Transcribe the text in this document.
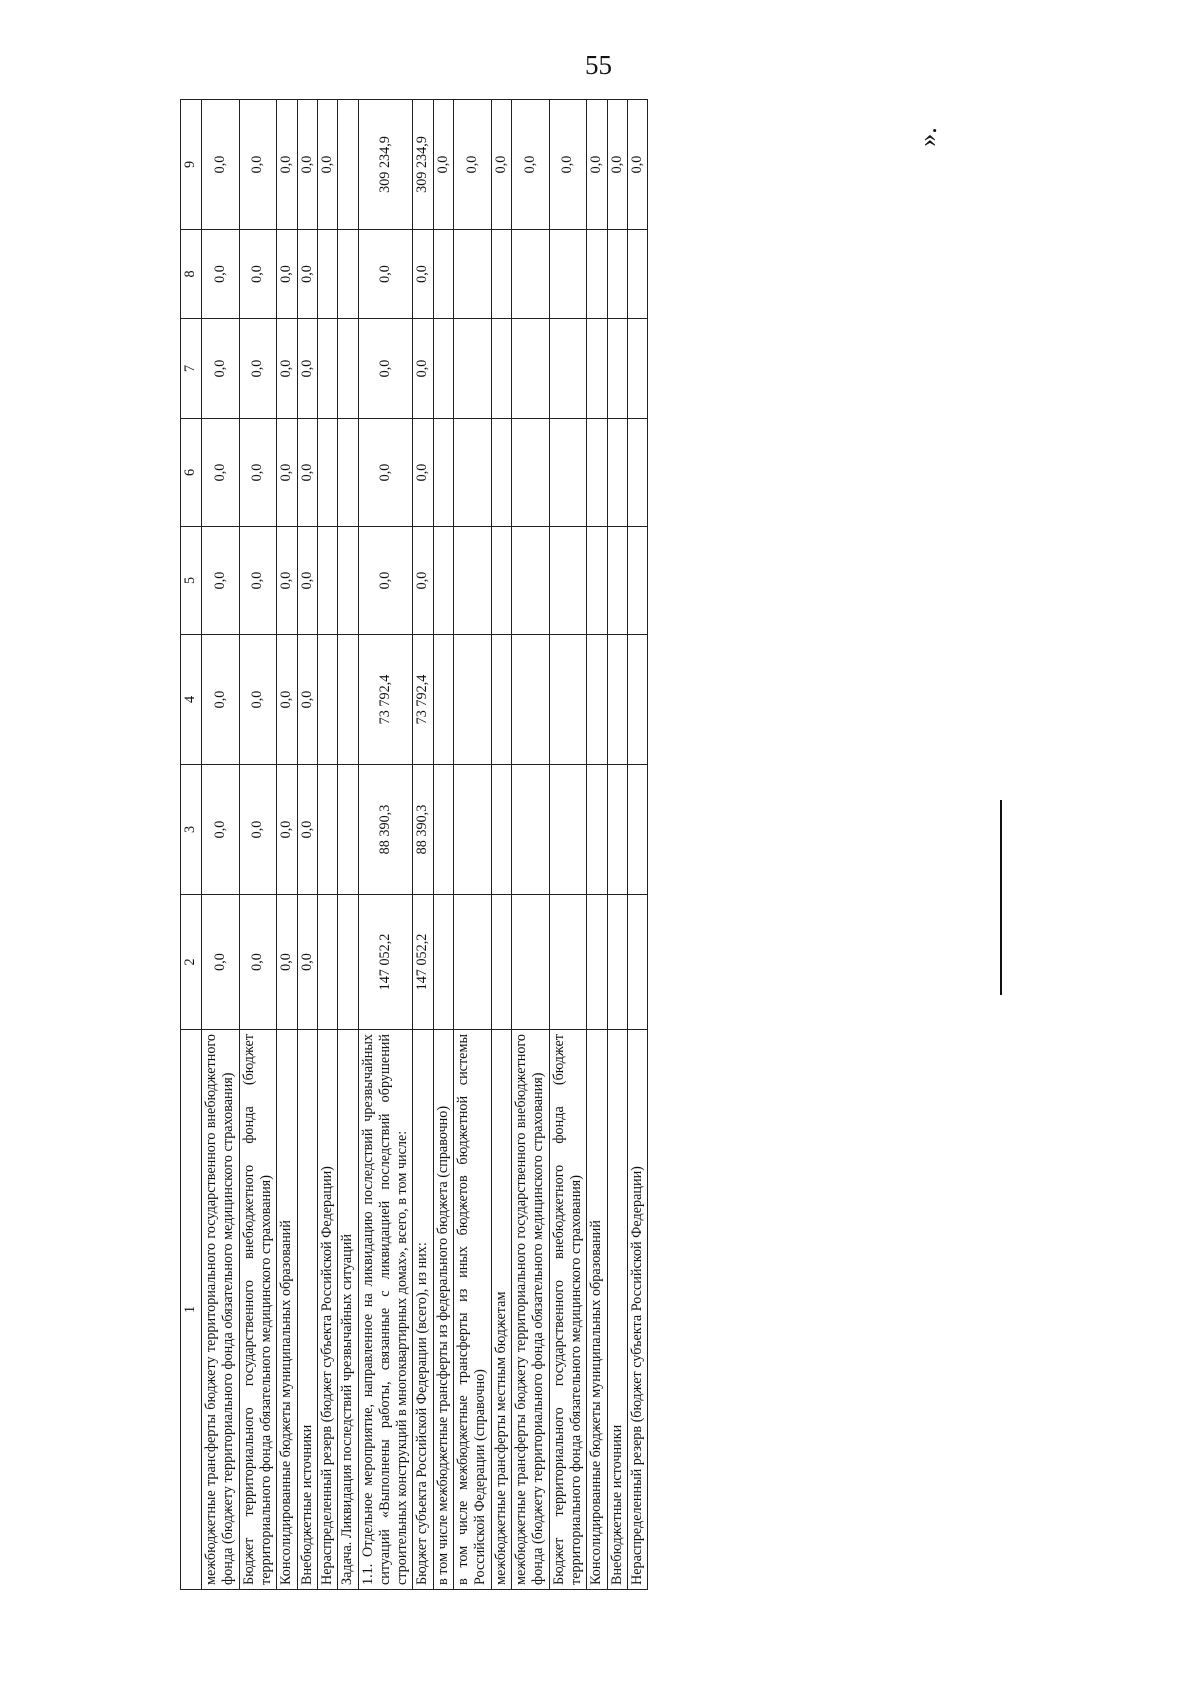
55
».
1	2	3	4	5	6	7	8	9
межбюджетные трансферты бюджету территориального государственного внебюджетного фонда (бюджету территориального фонда обязательного медицинского страхования)	0,0	0,0	0,0	0,0	0,0	0,0	0,0	0,0
Бюджет территориального государственного внебюджетного фонда (бюджет территориального фонда обязательного медицинского страхования)	0,0	0,0	0,0	0,0	0,0	0,0	0,0	0,0
Консолидированные бюджеты муниципальных образований	0,0	0,0	0,0	0,0	0,0	0,0	0,0	0,0
Внебюджетные источники	0,0	0,0	0,0	0,0	0,0	0,0	0,0	0,0
Нераспределенный резерв (бюджет субъекта Российской Федерации)								0,0
Задача. Ликвидация последствий чрезвычайных ситуаций								
1.1. Отдельное мероприятие, направленное на ликвидацию последствий чрезвычайных ситуаций «Выполнены работы, связанные с ликвидацией последствий обрушений строительных конструкций в многоквартирных домах», всего, в том числе:	147 052,2	88 390,3	73 792,4	0,0	0,0	0,0	0,0	309 234,9
Бюджет субъекта Российской Федерации (всего), из них:	147 052,2	88 390,3	73 792,4	0,0	0,0	0,0	0,0	309 234,9
в том числе межбюджетные трансферты из федерального бюджета (справочно)								0,0
в том числе межбюджетные трансферты из иных бюджетов бюджетной системы Российской Федерации (справочно)								0,0
межбюджетные трансферты местным бюджетам								0,0
межбюджетные трансферты бюджету территориального государственного внебюджетного фонда (бюджету территориального фонда обязательного медицинского страхования)								0,0
Бюджет территориального государственного внебюджетного фонда (бюджет территориального фонда обязательного медицинского страхования)								0,0
Консолидированные бюджеты муниципальных образований								0,0
Внебюджетные источники								0,0
Нераспределенный резерв (бюджет субъекта Российской Федерации)								0,0
